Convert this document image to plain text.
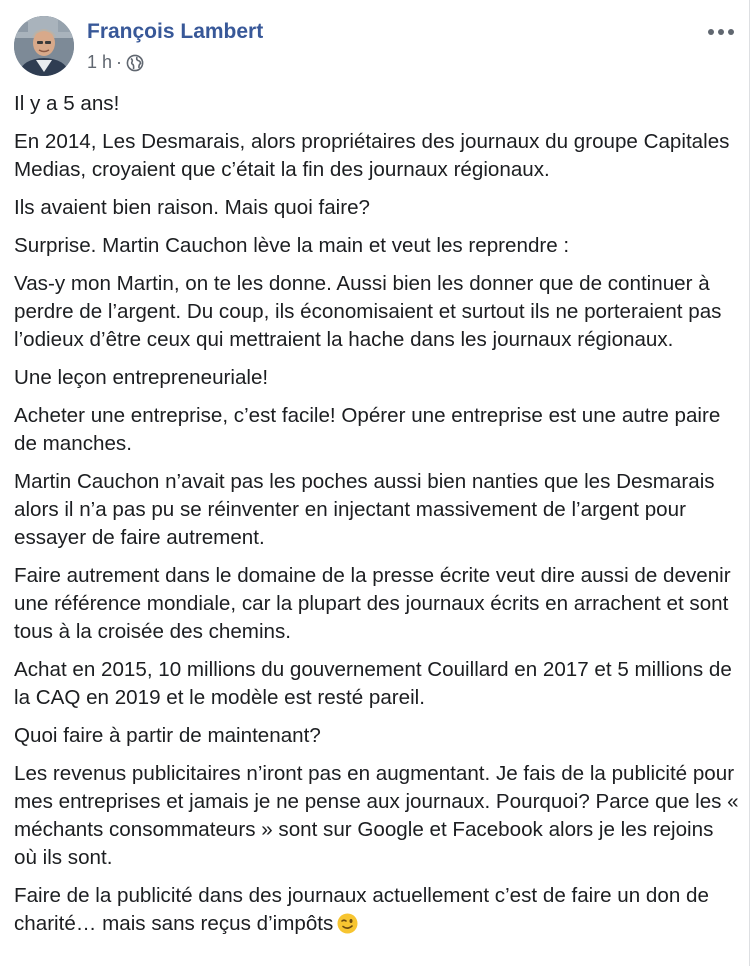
François Lambert
1 h ·

Il y a 5 ans!

En 2014, Les Desmarais, alors propriétaires des journaux du groupe Capitales Medias, croyaient que c’était la fin des journaux régionaux.

Ils avaient bien raison. Mais quoi faire?

Surprise. Martin Cauchon lève la main et veut les reprendre :

Vas-y mon Martin, on te les donne. Aussi bien les donner que de continuer à perdre de l’argent. Du coup, ils économisaient et surtout ils ne porteraient pas l’odieux d’être ceux qui mettraient la hache dans les journaux régionaux.

Une leçon entrepreneuriale!

Acheter une entreprise, c’est facile! Opérer une entreprise est une autre paire de manches.

Martin Cauchon n’avait pas les poches aussi bien nanties que les Desmarais alors il n’a pas pu se réinventer en injectant massivement de l’argent pour essayer de faire autrement.

Faire autrement dans le domaine de la presse écrite veut dire aussi de devenir une référence mondiale, car la plupart des journaux écrits en arrachent et sont tous à la croisée des chemins.

Achat en 2015, 10 millions du gouvernement Couillard en 2017 et 5 millions de la CAQ en 2019 et le modèle est resté pareil.

Quoi faire à partir de maintenant?

Les revenus publicitaires n’iront pas en augmentant. Je fais de la publicité pour mes entreprises et jamais je ne pense aux journaux. Pourquoi? Parce que les « méchants consommateurs » sont sur Google et Facebook alors je les rejoins où ils sont.

Faire de la publicité dans des journaux actuellement c’est de faire un don de charité… mais sans reçus d’impôts
